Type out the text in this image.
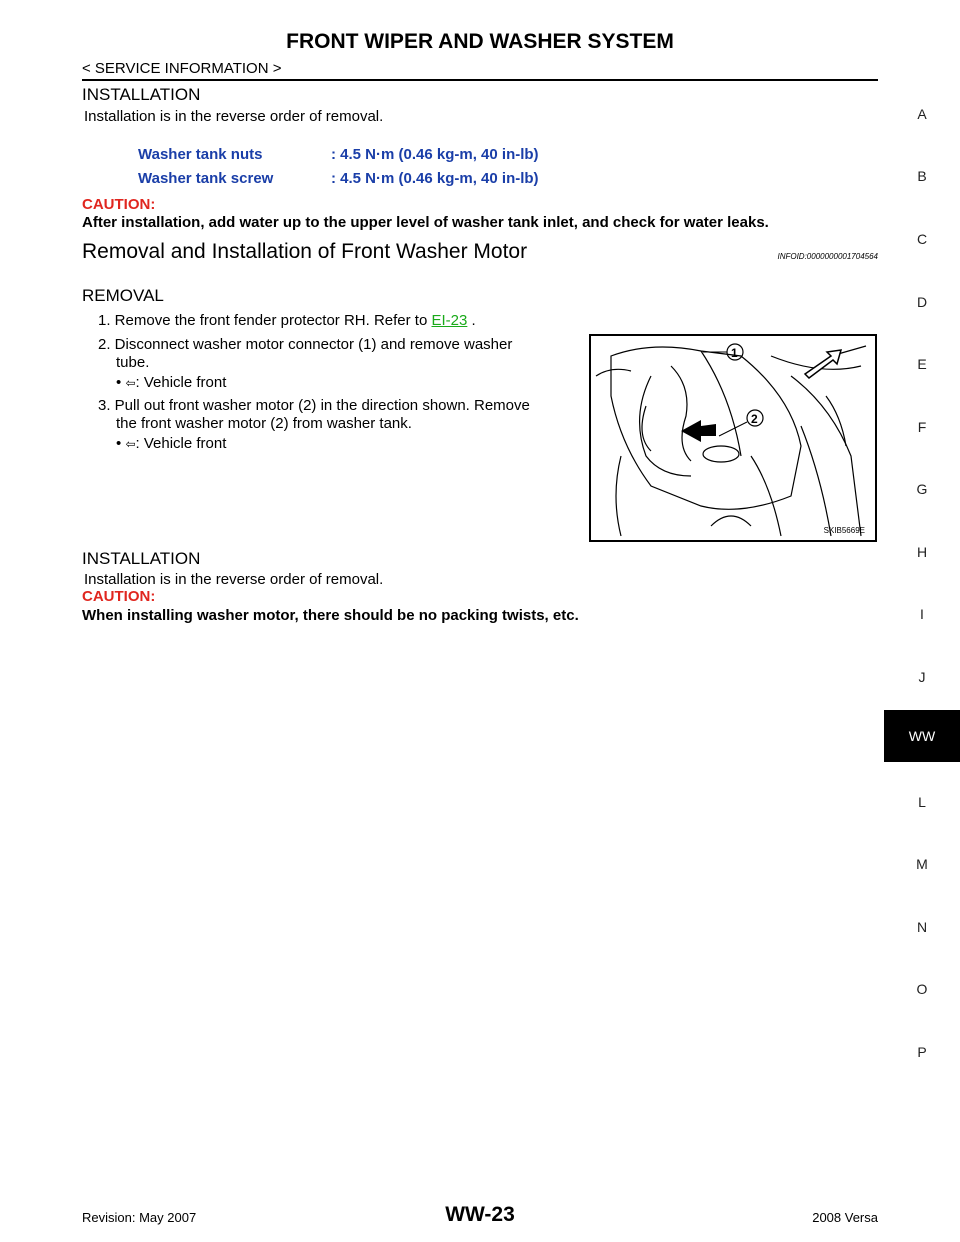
FRONT WIPER AND WASHER SYSTEM
< SERVICE INFORMATION >
INSTALLATION
Installation is in the reverse order of removal.
Washer tank nuts	: 4.5 N·m (0.46 kg-m, 40 in-lb)
Washer tank screw	: 4.5 N·m (0.46 kg-m, 40 in-lb)
CAUTION:
After installation, add water up to the upper level of washer tank inlet, and check for water leaks.
Removal and Installation of Front Washer Motor	INFOID:0000000001704564
REMOVAL
1. Remove the front fender protector RH. Refer to EI-23 .
2. Disconnect washer motor connector (1) and remove washer
tube.
• ⇦: Vehicle front
3. Pull out front washer motor (2) in the direction shown. Remove
the front washer motor (2) from washer tank.
• ⇦: Vehicle front
1
2
SKIB5669E
INSTALLATION
Installation is in the reverse order of removal.
CAUTION:
When installing washer motor, there should be no packing twists, etc.
A
B
C
D
E
F
G
H
I
J
WW
L
M
N
O
P
Revision: May 2007	WW-23	2008 Versa
